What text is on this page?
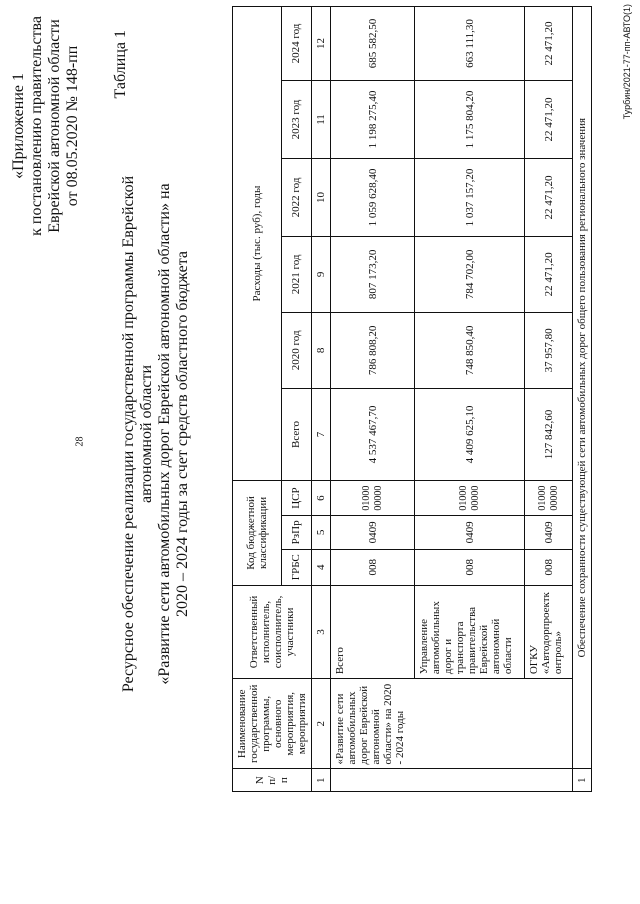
28
«Приложение 1 к постановлению правительства Еврейской автономной области от 08.05.2020 № 148-пп Таблица 1
Ресурсное обеспечение реализации государственной программы Еврейской автономной области «Развитие сети автомобильных дорог Еврейской автономной области» на 2020 – 2024 годы за счет средств областного бюджета
N п/п	Наименование государственной программы, основного мероприятия, мероприятия	Ответственный исполнитель, соисполнитель, участники	Код бюджетной классификации			Расходы (тыс. руб), годы					
			ГРБС	РзПр	ЦСР	Всего	2020 год	2021 год	2022 год	2023 год	2024 год
1	2	3	4	5	6	7	8	9	10	11	12
	«Развитие сети автомобильных дорог Еврейской автономной области» на 2020 - 2024 годы	Всего	008	0409	01000 00000	4 537 467,70	786 808,20	807 173,20	1 059 628,40	1 198 275,40	685 582,50
		Управление автомобильных дорог и транспорта правительства Еврейской автономной области	008	0409	01000 00000	4 409 625,10	748 850,40	784 702,00	1 037 157,20	1 175 804,20	663 111,30
		ОГКУ «Автодорпроектк онтроль»	008	0409	01000 00000	127 842,60	37 957,80	22 471,20	22 471,20	22 471,20	22 471,20
1	Обеспечение сохранности существующей сети автомобильных дорог общего пользования регионального значения										
Турбин/2021-77-пп-АВТО(1)
